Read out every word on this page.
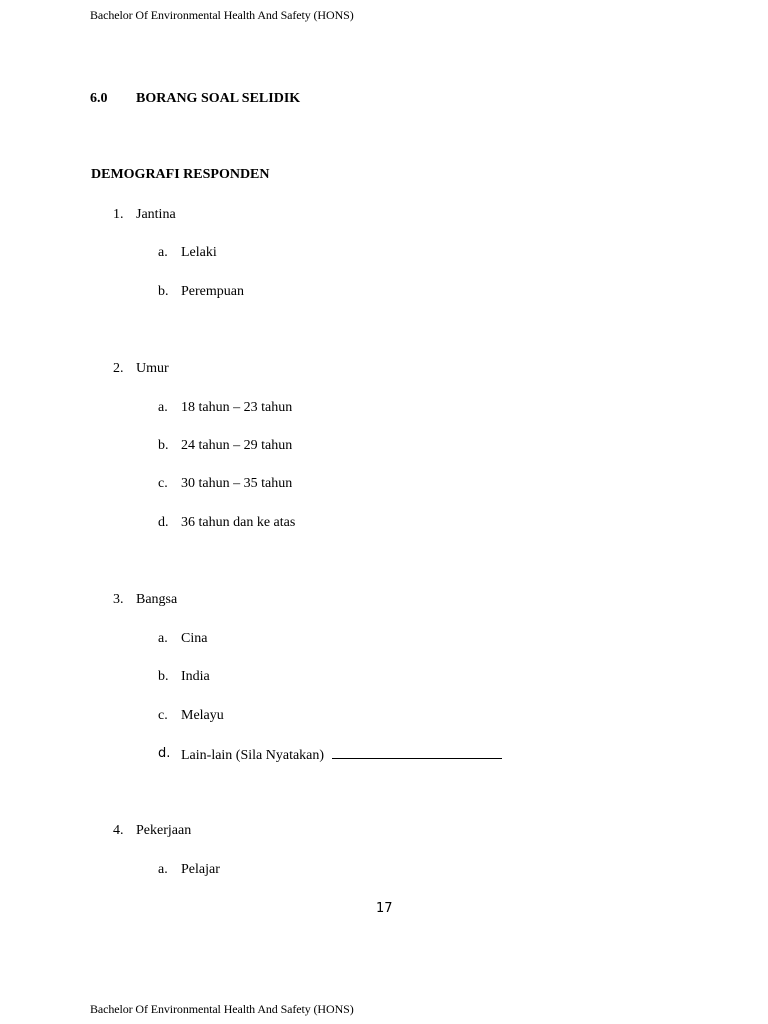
Bachelor Of Environmental Health And Safety (HONS)
6.0 BORANG SOAL SELIDIK
DEMOGRAFI RESPONDEN
1. Jantina
a. Lelaki
b. Perempuan
2. Umur
a. 18 tahun – 23 tahun
b. 24 tahun – 29 tahun
c. 30 tahun – 35 tahun
d. 36 tahun dan ke atas
3. Bangsa
a. Cina
b. India
c. Melayu
d. Lain-lain (Sila Nyatakan)
4. Pekerjaan
a. Pelajar
17
Bachelor Of Environmental Health And Safety (HONS)
